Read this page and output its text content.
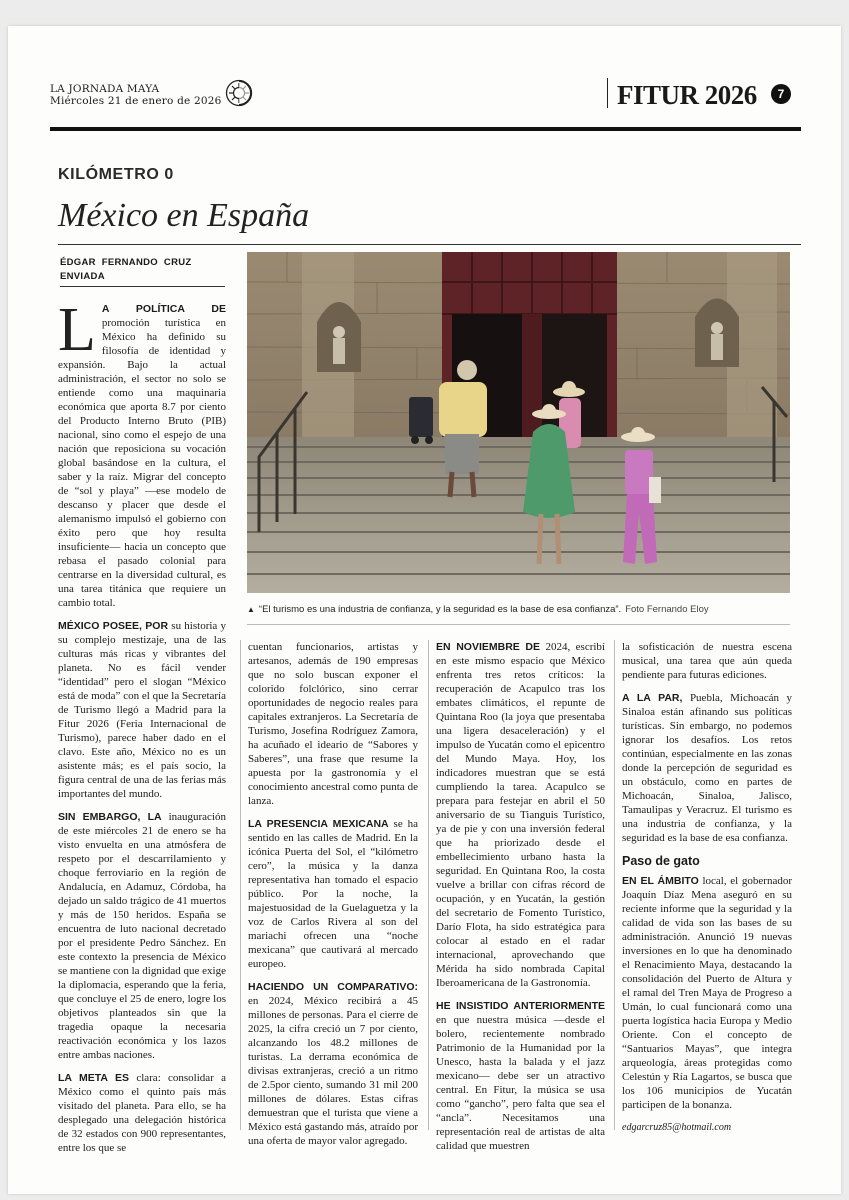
LA JORNADA MAYA
Miércoles 21 de enero de 2026	FITUR 2026	7
KILÓMETRO 0
México en España
ÉDGAR FERNANDO CRUZ
ENVIADA
▲ “El turismo es una industria de confianza, y la seguridad es la base de esa confianza”. Foto Fernando Eloy

L A POLÍTICA DE promoción turística en México ha definido su filosofía de identidad y expansión. Bajo la actual administración, el sector no solo se entiende como una maquinaria económica que aporta 8.7 por ciento del Producto Interno Bruto (PIB) nacional, sino como el espejo de una nación que reposiciona su vocación global basándose en la cultura, el saber y la raíz. Migrar del concepto de “sol y playa” —ese modelo de descanso y placer que desde el alemanismo impulsó el gobierno con éxito pero que hoy resulta insuficiente— hacia un concepto que rebasa el pasado colonial para centrarse en la diversidad cultural, es una tarea titánica que requiere un cambio total.

MÉXICO POSEE, POR su historia y su complejo mestizaje, una de las culturas más ricas y vibrantes del planeta. No es fácil vender “identidad” pero el slogan “México está de moda” con el que la Secretaría de Turismo llegó a Madrid para la Fitur 2026 (Feria Internacional de Turismo), parece haber dado en el clavo. Este año, México no es un asistente más; es el país socio, la figura central de una de las ferias más importantes del mundo.

SIN EMBARGO, LA inauguración de este miércoles 21 de enero se ha visto envuelta en una atmósfera de respeto por el descarrilamiento y choque ferroviario en la región de Andalucía, en Adamuz, Córdoba, ha dejado un saldo trágico de 41 muertos y más de 150 heridos. España se encuentra de luto nacional decretado por el presidente Pedro Sánchez. En este contexto la presencia de México se mantiene con la dignidad que exige la diplomacia, esperando que la feria, que concluye el 25 de enero, logre los objetivos planteados sin que la tragedia opaque la necesaria reactivación económica y los lazos entre ambas naciones.

LA META ES clara: consolidar a México como el quinto país más visitado del planeta. Para ello, se ha desplegado una delegación histórica de 32 estados con 900 representantes, entre los que se

cuentan funcionarios, artistas y artesanos, además de 190 empresas que no solo buscan exponer el colorido folclórico, sino cerrar oportunidades de negocio reales para capitales extranjeros. La Secretaría de Turismo, Josefina Rodríguez Zamora, ha acuñado el ideario de “Sabores y Saberes”, una frase que resume la apuesta por la gastronomía y el conocimiento ancestral como punta de lanza.

LA PRESENCIA MEXICANA se ha sentido en las calles de Madrid. En la icónica Puerta del Sol, el “kilómetro cero”, la música y la danza representativa han tomado el espacio público. Por la noche, la majestuosidad de la Guelaguetza y la voz de Carlos Rivera al son del mariachi ofrecen una “noche mexicana” que cautivará al mercado europeo.

HACIENDO UN COMPARATIVO: en 2024, México recibirá a 45 millones de personas. Para el cierre de 2025, la cifra creció un 7 por ciento, alcanzando los 48.2 millones de turistas. La derrama económica de divisas extranjeras, creció a un ritmo de 2.5por ciento, sumando 31 mil 200 millones de dólares. Estas cifras demuestran que el turista que viene a México está gastando más, atraído por una oferta de mayor valor agregado.

EN NOVIEMBRE DE 2024, escribí en este mismo espacio que México enfrenta tres retos críticos: la recuperación de Acapulco tras los embates climáticos, el repunte de Quintana Roo (la joya que presentaba una ligera desaceleración) y el impulso de Yucatán como el epicentro del Mundo Maya. Hoy, los indicadores muestran que se está cumpliendo la tarea. Acapulco se prepara para festejar en abril el 50 aniversario de su Tianguis Turístico, ya de pie y con una inversión federal que ha priorizado desde el embellecimiento urbano hasta la seguridad. En Quintana Roo, la costa vuelve a brillar con cifras récord de ocupación, y en Yucatán, la gestión del secretario de Fomento Turístico, Darío Flota, ha sido estratégica para colocar al estado en el radar internacional, aprovechando que Mérida ha sido nombrada Capital Iberoamericana de la Gastronomía.

HE INSISTIDO ANTERIORMENTE en que nuestra música —desde el bolero, recientemente nombrado Patrimonio de la Humanidad por la Unesco, hasta la balada y el jazz mexicano— debe ser un atractivo central. En Fitur, la música se usa como “gancho”, pero falta que sea el “ancla”. Necesitamos una representación real de artistas de alta calidad que muestren

la sofisticación de nuestra escena musical, una tarea que aún queda pendiente para futuras ediciones.

A LA PAR, Puebla, Michoacán y Sinaloa están afinando sus políticas turísticas. Sin embargo, no podemos ignorar los desafíos. Los retos continúan, especialmente en las zonas donde la percepción de seguridad es un obstáculo, como en partes de Michoacán, Sinaloa, Jalisco, Tamaulipas y Veracruz. El turismo es una industria de confianza, y la seguridad es la base de esa confianza.

Paso de gato

EN EL ÁMBITO local, el gobernador Joaquín Díaz Mena aseguró en su reciente informe que la seguridad y la calidad de vida son las bases de su administración. Anunció 19 nuevas inversiones en lo que ha denominado el Renacimiento Maya, destacando la consolidación del Puerto de Altura y el ramal del Tren Maya de Progreso a Umán, lo cual funcionará como una puerta logística hacia Europa y Medio Oriente. Con el concepto de “Santuarios Mayas”, que integra arqueología, áreas protegidas como Celestún y Ría Lagartos, se busca que los 106 municipios de Yucatán participen de la bonanza.

edgarcruz85@hotmail.com
